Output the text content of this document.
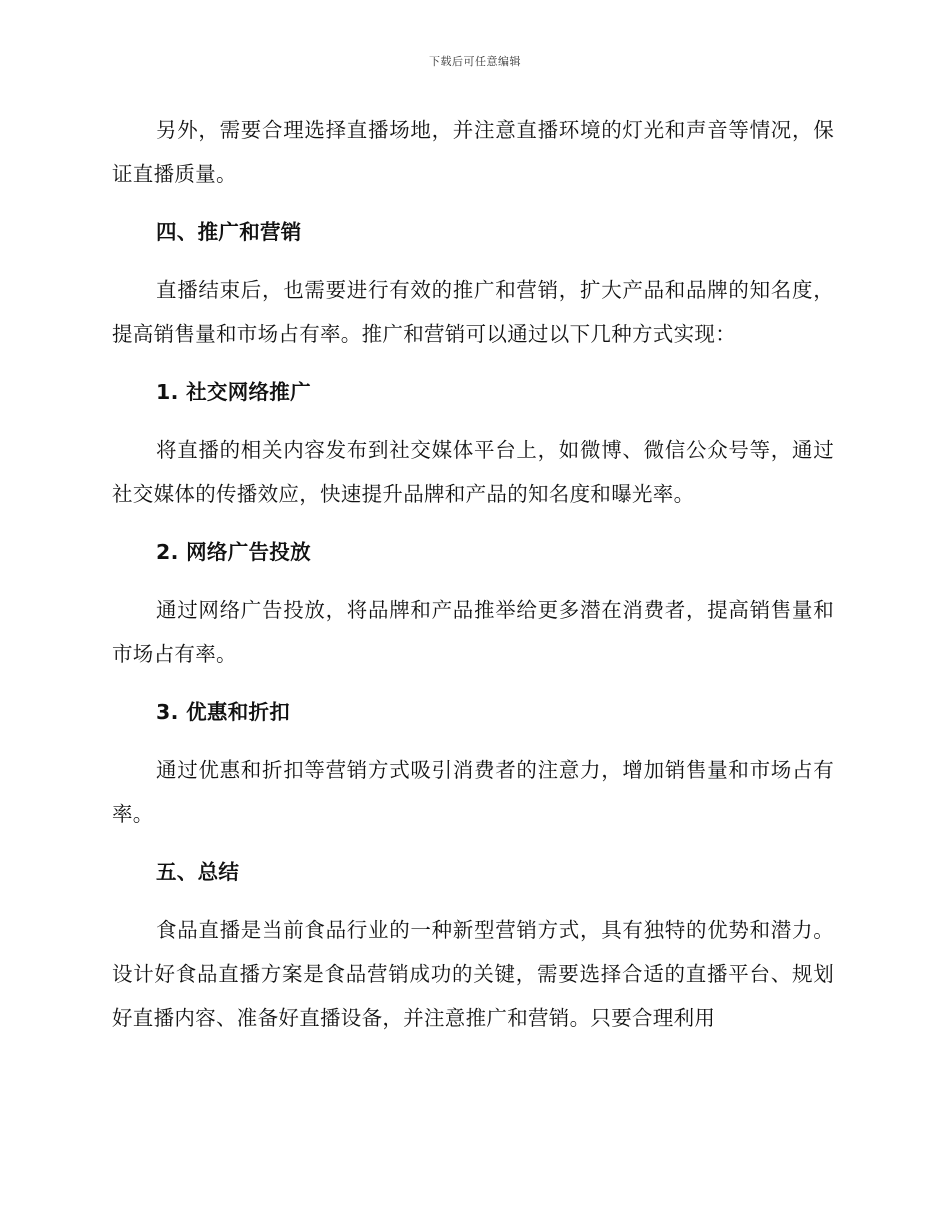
下载后可任意编辑

另外，需要合理选择直播场地，并注意直播环境的灯光和声音等情况，保证直播质量。

四、推广和营销

直播结束后，也需要进行有效的推广和营销，扩大产品和品牌的知名度，提高销售量和市场占有率。推广和营销可以通过以下几种方式实现：

1. 社交网络推广

将直播的相关内容发布到社交媒体平台上，如微博、微信公众号等，通过社交媒体的传播效应，快速提升品牌和产品的知名度和曝光率。

2. 网络广告投放

通过网络广告投放，将品牌和产品推举给更多潜在消费者，提高销售量和市场占有率。

3. 优惠和折扣

通过优惠和折扣等营销方式吸引消费者的注意力，增加销售量和市场占有率。

五、总结

食品直播是当前食品行业的一种新型营销方式，具有独特的优势和潜力。设计好食品直播方案是食品营销成功的关键，需要选择合适的直播平台、规划好直播内容、准备好直播设备，并注意推广和营销。只要合理利用
